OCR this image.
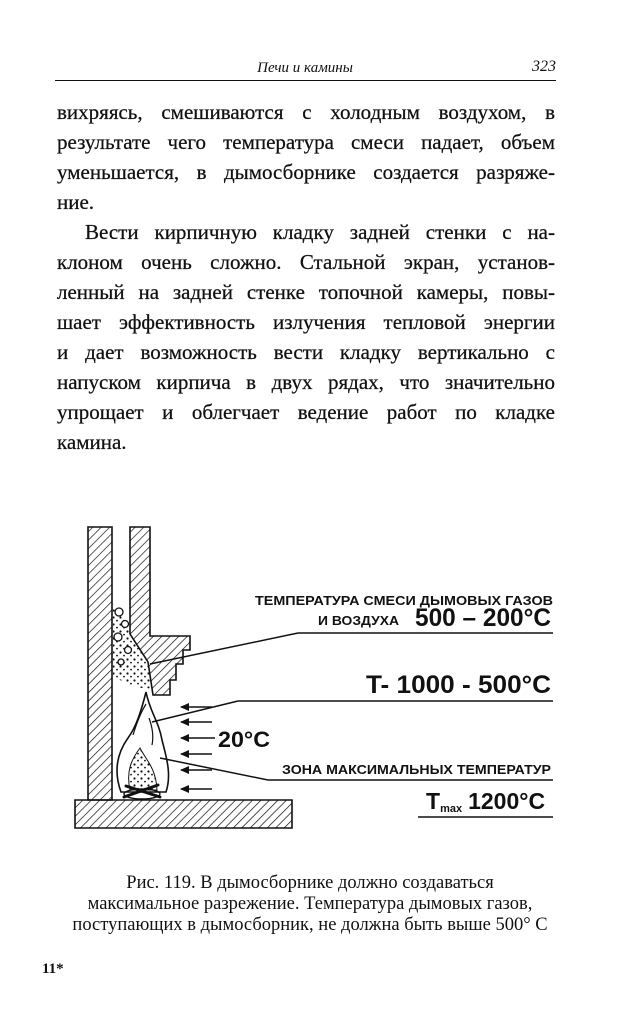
Печи и камины	323
вихряясь, смешиваются с холодным воздухом, в
результате чего температура смеси падает, объем
уменьшается, в дымосборнике создается разряже-
ние.
Вести кирпичную кладку задней стенки с на-
клоном очень сложно. Стальной экран, установ-
ленный на задней стенке топочной камеры, повы-
шает эффективность излучения тепловой энергии
и дает возможность вести кладку вертикально с
напуском кирпича в двух рядах, что значительно
упрощает и облегчает ведение работ по кладке
камина.
ТЕМПЕРАТУРА СМЕСИ ДЫМОВЫХ ГАЗОВ
И ВОЗДУХА 500 – 200°C
T- 1000 - 500°C
20°C
ЗОНА МАКСИМАЛЬНЫХ ТЕМПЕРАТУР
Tmax 1200°C
Рис. 119. В дымосборнике должно создаваться
максимальное разрежение. Температура дымовых газов,
поступающих в дымосборник, не должна быть выше 500° С
11*
